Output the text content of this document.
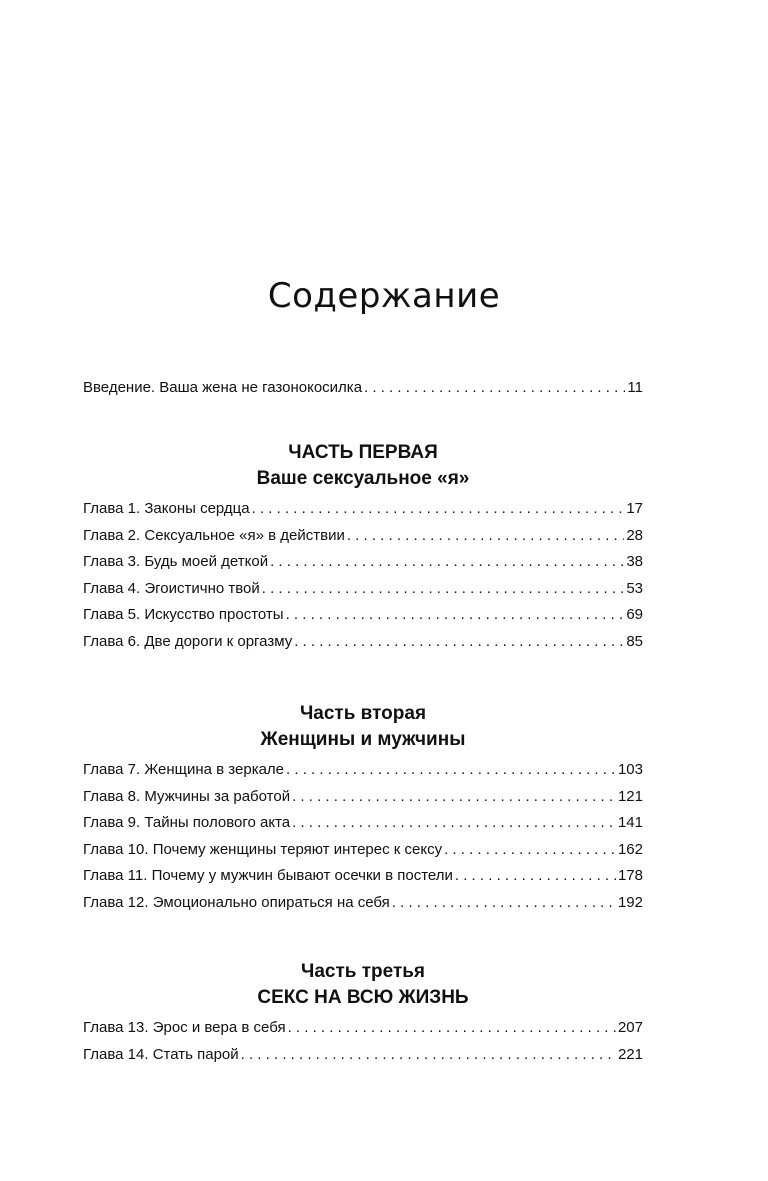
Содержание
Введение. Ваша жена не газонокосилка . . .	11
ЧАСТЬ ПЕРВАЯ
Ваше сексуальное «я»
Глава 1. Законы сердца . . .	17
Глава 2. Сексуальное «я» в действии . . .	28
Глава 3. Будь моей деткой . . .	38
Глава 4. Эгоистично твой . . .	53
Глава 5. Искусство простоты . . .	69
Глава 6. Две дороги к оргазму . . .	85
Часть вторая
Женщины и мужчины
Глава 7. Женщина в зеркале . . .	103
Глава 8. Мужчины за работой . . .	121
Глава 9. Тайны полового акта . . .	141
Глава 10. Почему женщины теряют интерес к сексу . . .	162
Глава 11. Почему у мужчин бывают осечки в постели . . .	178
Глава 12. Эмоционально опираться на себя . . .	192
Часть третья
СЕКС НА ВСЮ ЖИЗНЬ
Глава 13. Эрос и вера в себя . . .	207
Глава 14. Стать парой . . .	221
